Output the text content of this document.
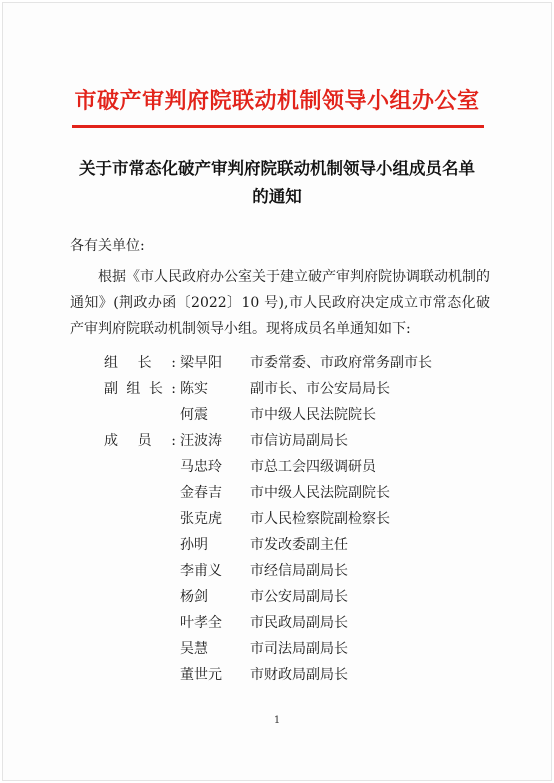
市破产审判府院联动机制领导小组办公室
关于市常态化破产审判府院联动机制领导小组成员名单
的通知
各有关单位:
根据《市人民政府办公室关于建立破产审判府院协调联动机制的通知》(荆政办函〔2022〕10 号),市人民政府决定成立市常态化破产审判府院联动机制领导小组。现将成员名单通知如下:
组长: 梁早阳	市委常委、市政府常务副市长
副组长: 陈实	副市长、市公安局局长
何震	市中级人民法院院长
成员: 汪波涛	市信访局副局长
马忠玲	市总工会四级调研员
金春吉	市中级人民法院副院长
张克虎	市人民检察院副检察长
孙明	市发改委副主任
李甫义	市经信局副局长
杨剑	市公安局副局长
叶孝全	市民政局副局长
吴慧	市司法局副局长
董世元	市财政局副局长
1
